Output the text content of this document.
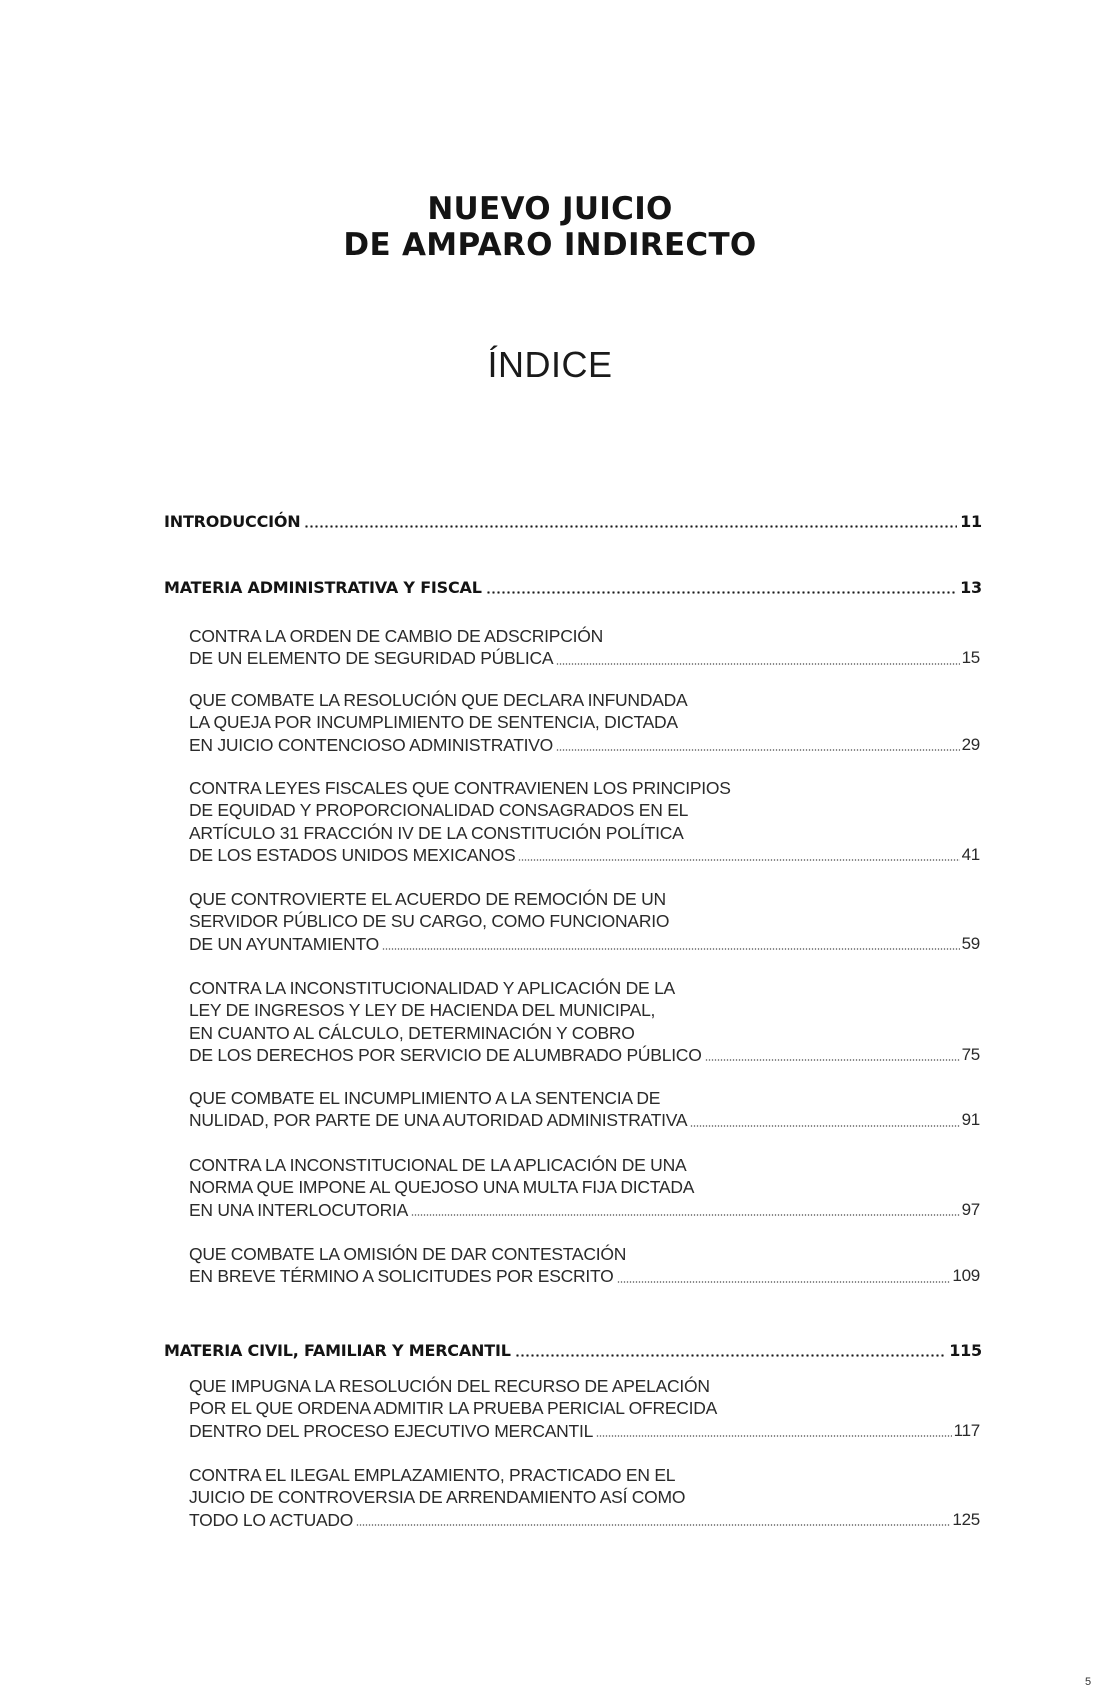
NUEVO JUICIO
DE AMPARO INDIRECTO
ÍNDICE
INTRODUCCIÓN	11
MATERIA ADMINISTRATIVA Y FISCAL	13
CONTRA LA ORDEN DE CAMBIO DE ADSCRIPCIÓN
DE UN ELEMENTO DE SEGURIDAD PÚBLICA	15
QUE COMBATE LA RESOLUCIÓN QUE DECLARA INFUNDADA
LA QUEJA POR INCUMPLIMIENTO DE SENTENCIA, DICTADA
EN JUICIO CONTENCIOSO ADMINISTRATIVO	29
CONTRA LEYES FISCALES QUE CONTRAVIENEN LOS PRINCIPIOS
DE EQUIDAD Y PROPORCIONALIDAD CONSAGRADOS EN EL
ARTÍCULO 31 FRACCIÓN IV DE LA CONSTITUCIÓN POLÍTICA
DE LOS ESTADOS UNIDOS MEXICANOS	41
QUE CONTROVIERTE EL ACUERDO DE REMOCIÓN DE UN
SERVIDOR PÚBLICO DE SU CARGO, COMO FUNCIONARIO
DE UN AYUNTAMIENTO	59
CONTRA LA INCONSTITUCIONALIDAD Y APLICACIÓN DE LA
LEY DE INGRESOS Y LEY DE HACIENDA DEL MUNICIPAL,
EN CUANTO AL CÁLCULO, DETERMINACIÓN Y COBRO
DE LOS DERECHOS POR SERVICIO DE ALUMBRADO PÚBLICO	75
QUE COMBATE EL INCUMPLIMIENTO A LA SENTENCIA DE
NULIDAD, POR PARTE DE UNA AUTORIDAD ADMINISTRATIVA	91
CONTRA LA INCONSTITUCIONAL DE LA APLICACIÓN DE UNA
NORMA QUE IMPONE AL QUEJOSO UNA MULTA FIJA DICTADA
EN UNA INTERLOCUTORIA	97
QUE COMBATE LA OMISIÓN DE DAR CONTESTACIÓN
EN BREVE TÉRMINO A SOLICITUDES POR ESCRITO	109
MATERIA CIVIL, FAMILIAR Y MERCANTIL	115
QUE IMPUGNA LA RESOLUCIÓN DEL RECURSO DE APELACIÓN
POR EL QUE ORDENA ADMITIR LA PRUEBA PERICIAL OFRECIDA
DENTRO DEL PROCESO EJECUTIVO MERCANTIL	117
CONTRA EL ILEGAL EMPLAZAMIENTO, PRACTICADO EN EL
JUICIO DE CONTROVERSIA DE ARRENDAMIENTO ASÍ COMO
TODO LO ACTUADO	125
5
